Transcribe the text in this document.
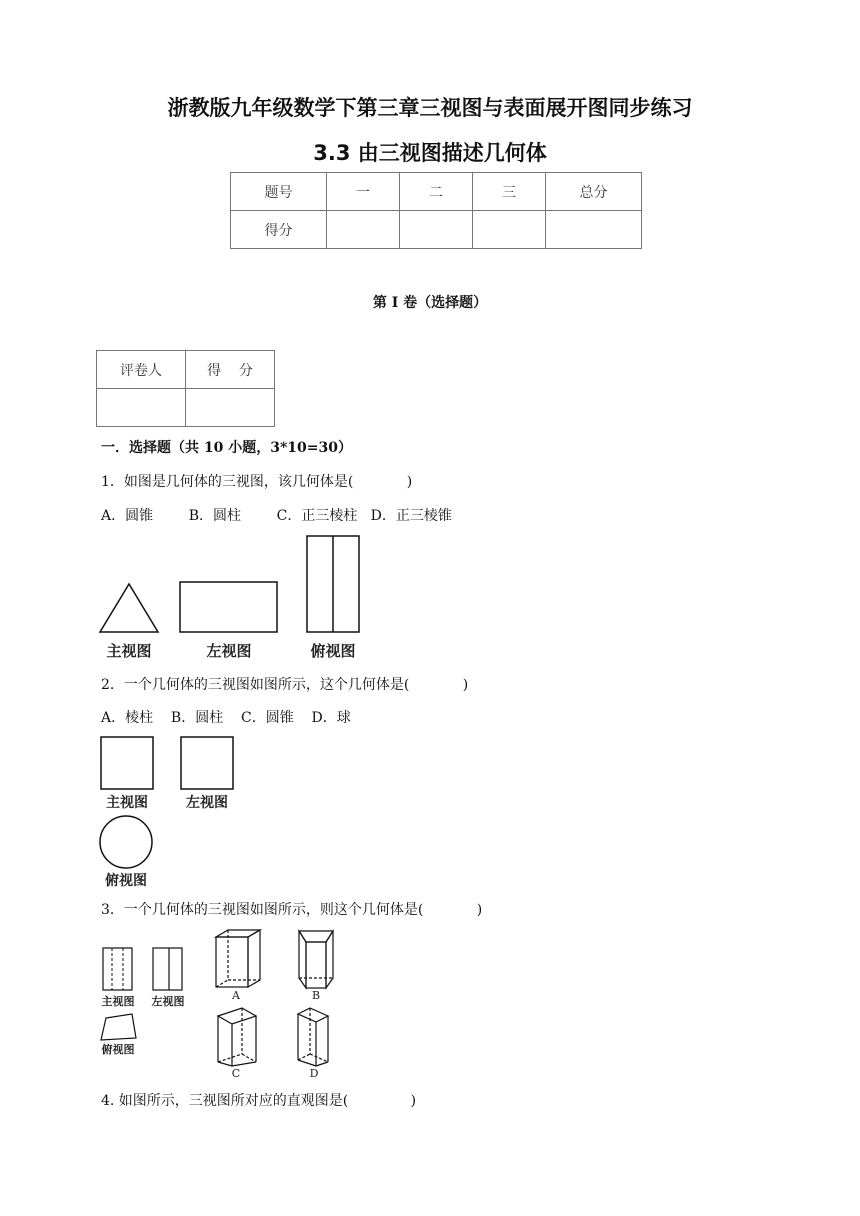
浙教版九年级数学下第三章三视图与表面展开图同步练习
3.3 由三视图描述几何体
题号	一	二	三	总分
得分				
第 I 卷（选择题）
评卷人	得    分

一．选择题（共 10 小题，3*10=30）
1．如图是几何体的三视图，该几何体是(            )
A．圆锥        B．圆柱        C．正三棱柱   D．正三棱锥
主视图	左视图	俯视图
2．一个几何体的三视图如图所示，这个几何体是(            )
A．棱柱    B．圆柱    C．圆锥    D．球
主视图	左视图
俯视图
3．一个几何体的三视图如图所示，则这个几何体是(            )
主视图 左视图
俯视图
A	B
C	D
4. 如图所示，三视图所对应的直观图是(              )
